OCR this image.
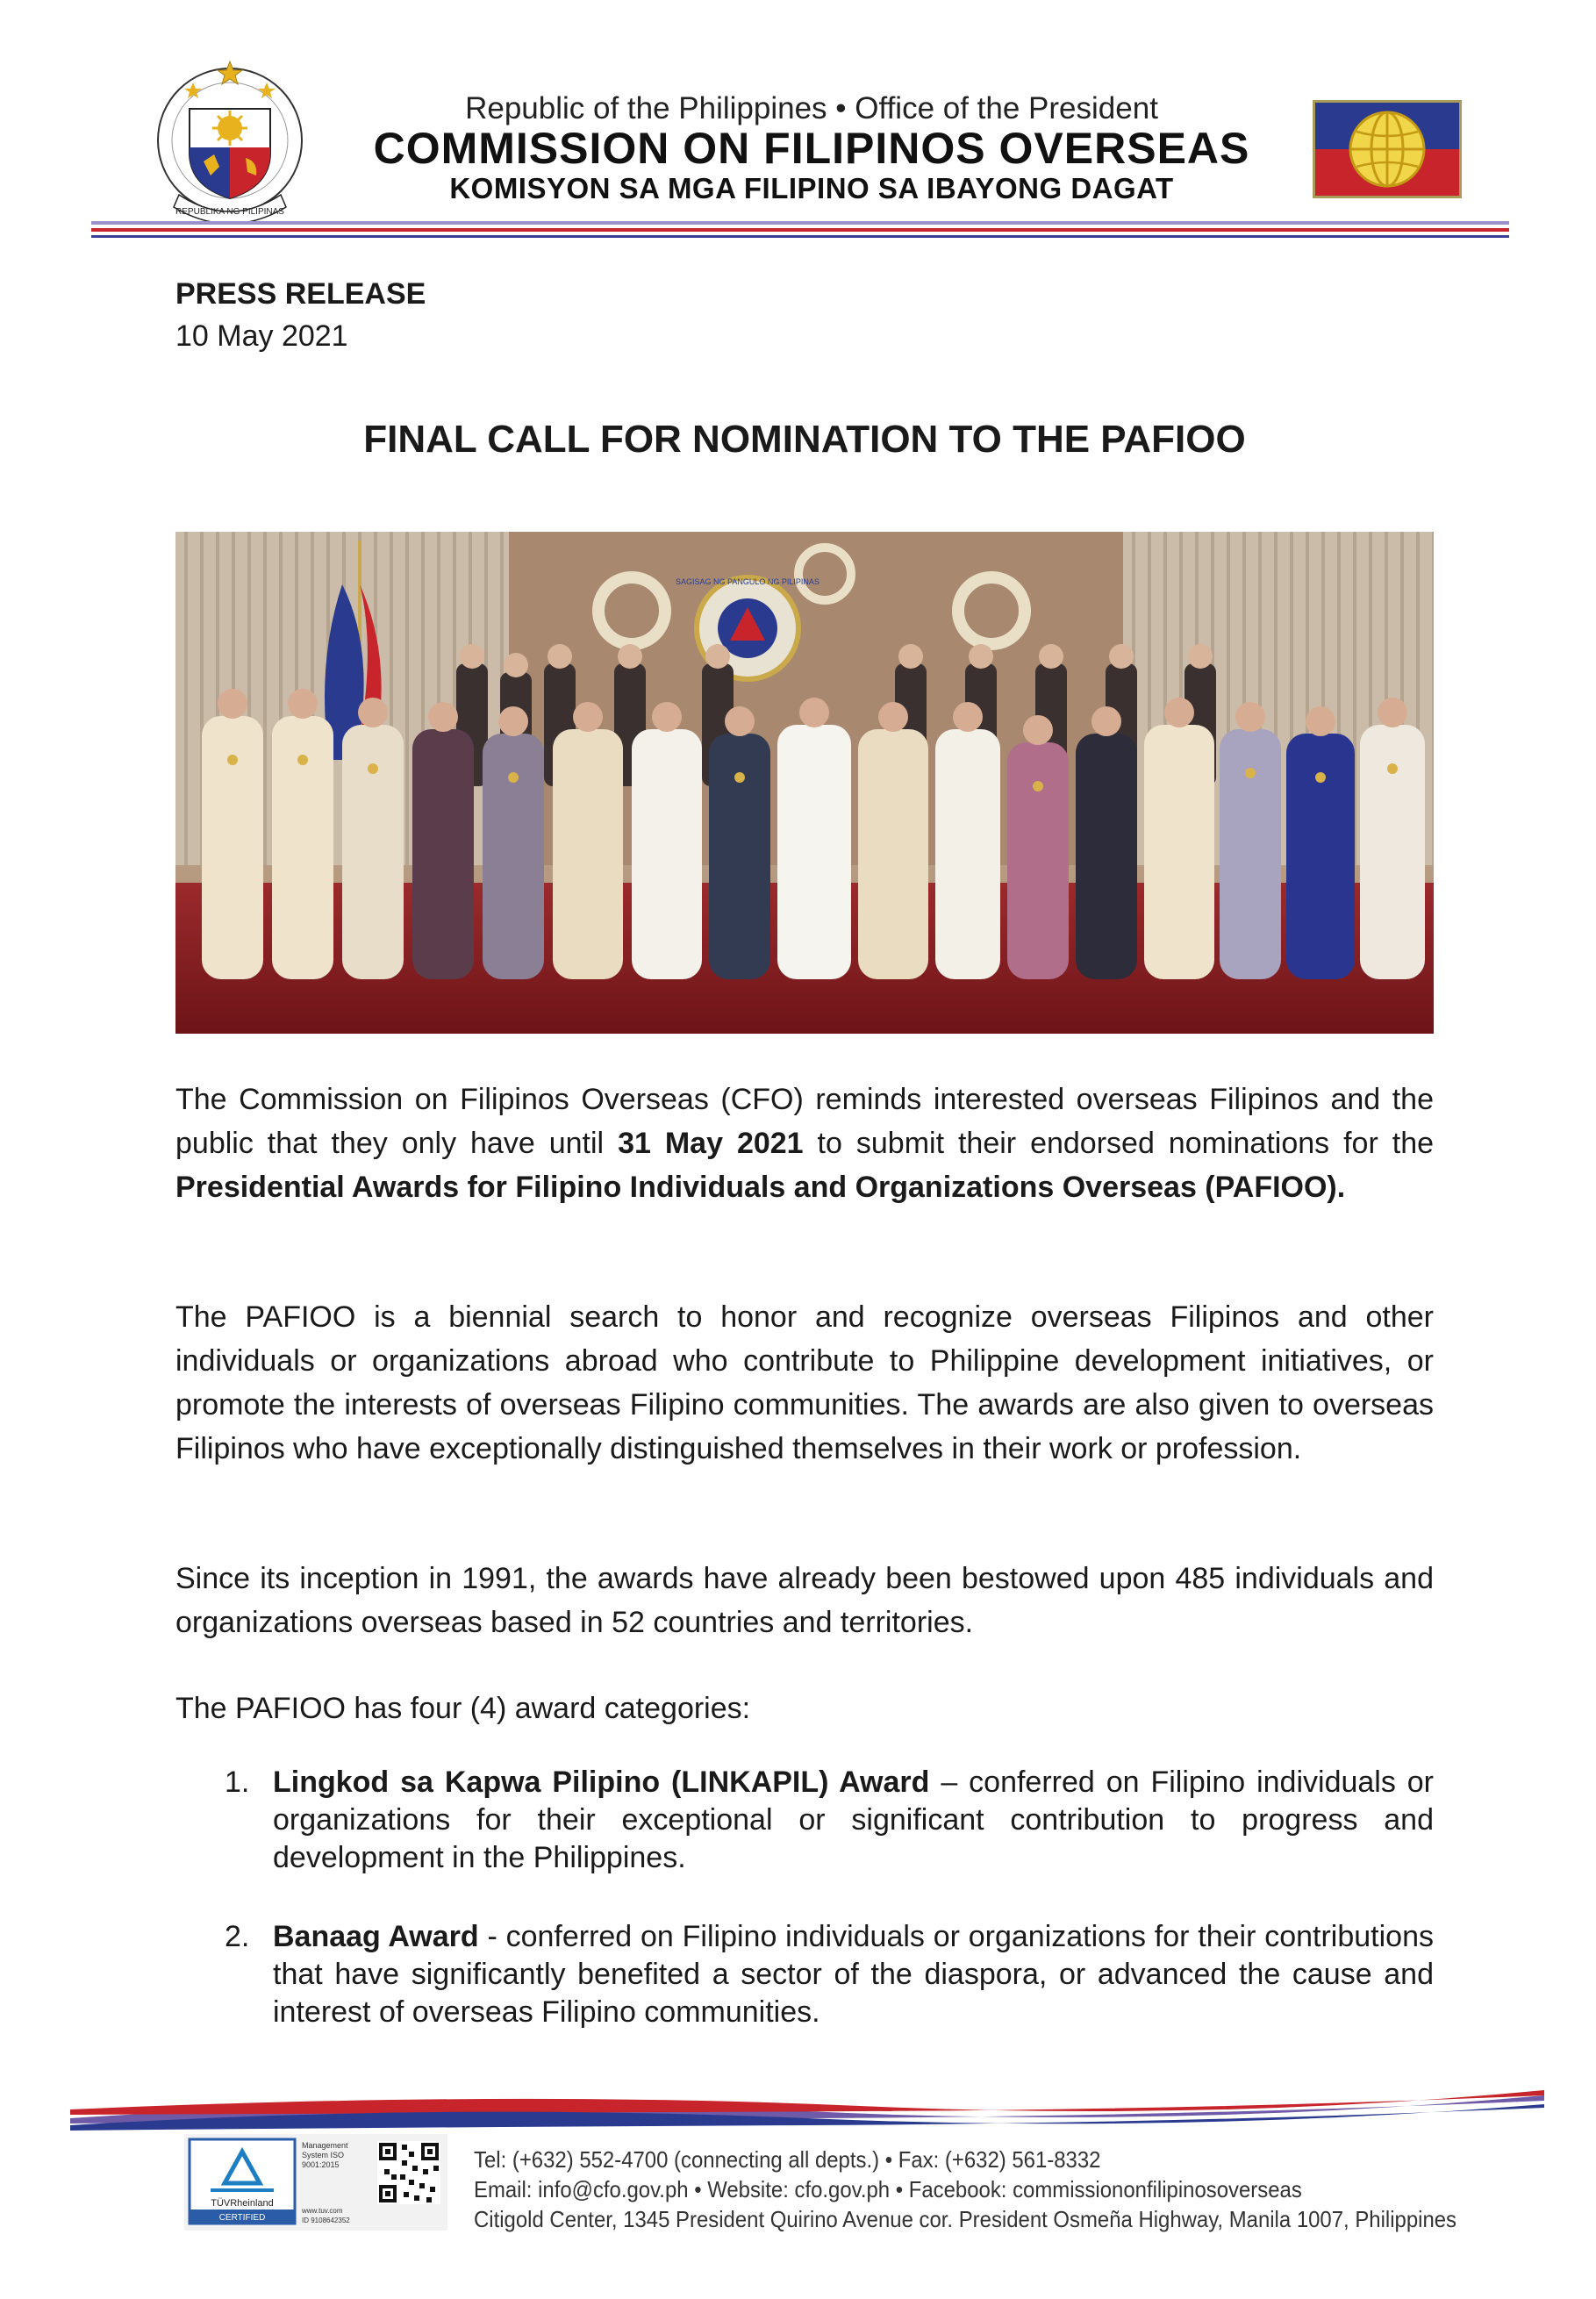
REPUBLIKA NG PILIPINAS
Republic of the Philippines • Office of the President
COMMISSION ON FILIPINOS OVERSEAS
KOMISYON SA MGA FILIPINO SA IBAYONG DAGAT
PRESS RELEASE
10 May 2021
FINAL CALL FOR NOMINATION TO THE PAFIOO
SAGISAG NG PANGULO NG PILIPINAS

The Commission on Filipinos Overseas (CFO) reminds interested overseas Filipinos and the public that they only have until 31 May 2021 to submit their endorsed nominations for the Presidential Awards for Filipino Individuals and Organizations Overseas (PAFIOO).

The PAFIOO is a biennial search to honor and recognize overseas Filipinos and other individuals or organizations abroad who contribute to Philippine development initiatives, or promote the interests of overseas Filipino communities. The awards are also given to overseas Filipinos who have exceptionally distinguished themselves in their work or profession.

Since its inception in 1991, the awards have already been bestowed upon 485 individuals and organizations overseas based in 52 countries and territories.

The PAFIOO has four (4) award categories:

1. Lingkod sa Kapwa Pilipino (LINKAPIL) Award – conferred on Filipino individuals or organizations for their exceptional or significant contribution to progress and development in the Philippines.
2. Banaag Award - conferred on Filipino individuals or organizations for their contributions that have significantly benefited a sector of the diaspora, or advanced the cause and interest of overseas Filipino communities.
TÜVRheinland
CERTIFIED
Management System ISO 9001:2015
www.tuv.com
ID 9108642352
Tel: (+632) 552-4700 (connecting all depts.) • Fax: (+632) 561-8332
Email: info@cfo.gov.ph • Website: cfo.gov.ph • Facebook: commissiononfilipinosoverseas
Citigold Center, 1345 President Quirino Avenue cor. President Osmeña Highway, Manila 1007, Philippines
